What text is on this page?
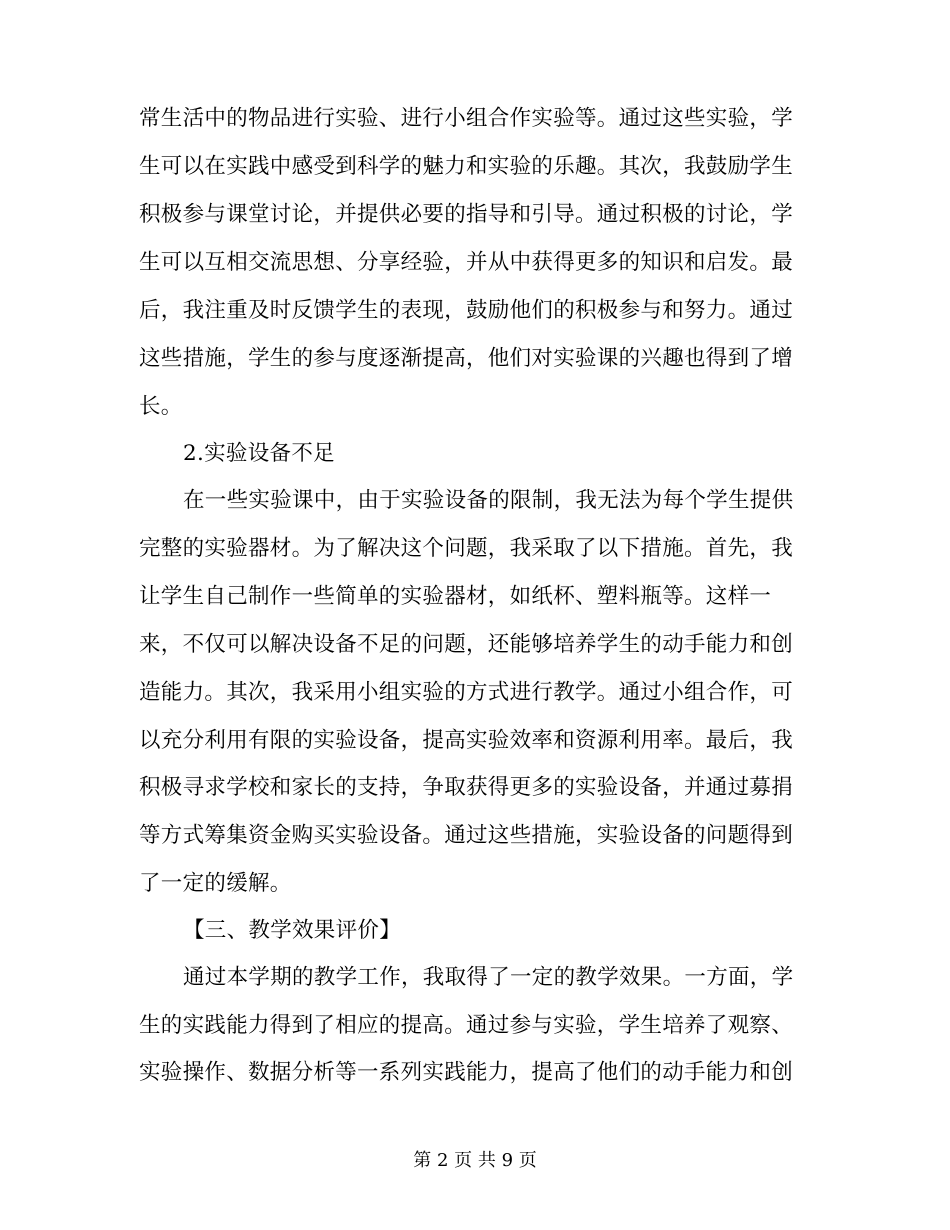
常生活中的物品进行实验、进行小组合作实验等。通过这些实验，学
生可以在实践中感受到科学的魅力和实验的乐趣。其次，我鼓励学生
积极参与课堂讨论，并提供必要的指导和引导。通过积极的讨论，学
生可以互相交流思想、分享经验，并从中获得更多的知识和启发。最
后，我注重及时反馈学生的表现，鼓励他们的积极参与和努力。通过
这些措施，学生的参与度逐渐提高，他们对实验课的兴趣也得到了增
长。
2.实验设备不足
在一些实验课中，由于实验设备的限制，我无法为每个学生提供
完整的实验器材。为了解决这个问题，我采取了以下措施。首先，我
让学生自己制作一些简单的实验器材，如纸杯、塑料瓶等。这样一
来，不仅可以解决设备不足的问题，还能够培养学生的动手能力和创
造能力。其次，我采用小组实验的方式进行教学。通过小组合作，可
以充分利用有限的实验设备，提高实验效率和资源利用率。最后，我
积极寻求学校和家长的支持，争取获得更多的实验设备，并通过募捐
等方式筹集资金购买实验设备。通过这些措施，实验设备的问题得到
了一定的缓解。
【三、教学效果评价】
通过本学期的教学工作，我取得了一定的教学效果。一方面，学
生的实践能力得到了相应的提高。通过参与实验，学生培养了观察、
实验操作、数据分析等一系列实践能力，提高了他们的动手能力和创
第 2 页 共 9 页
